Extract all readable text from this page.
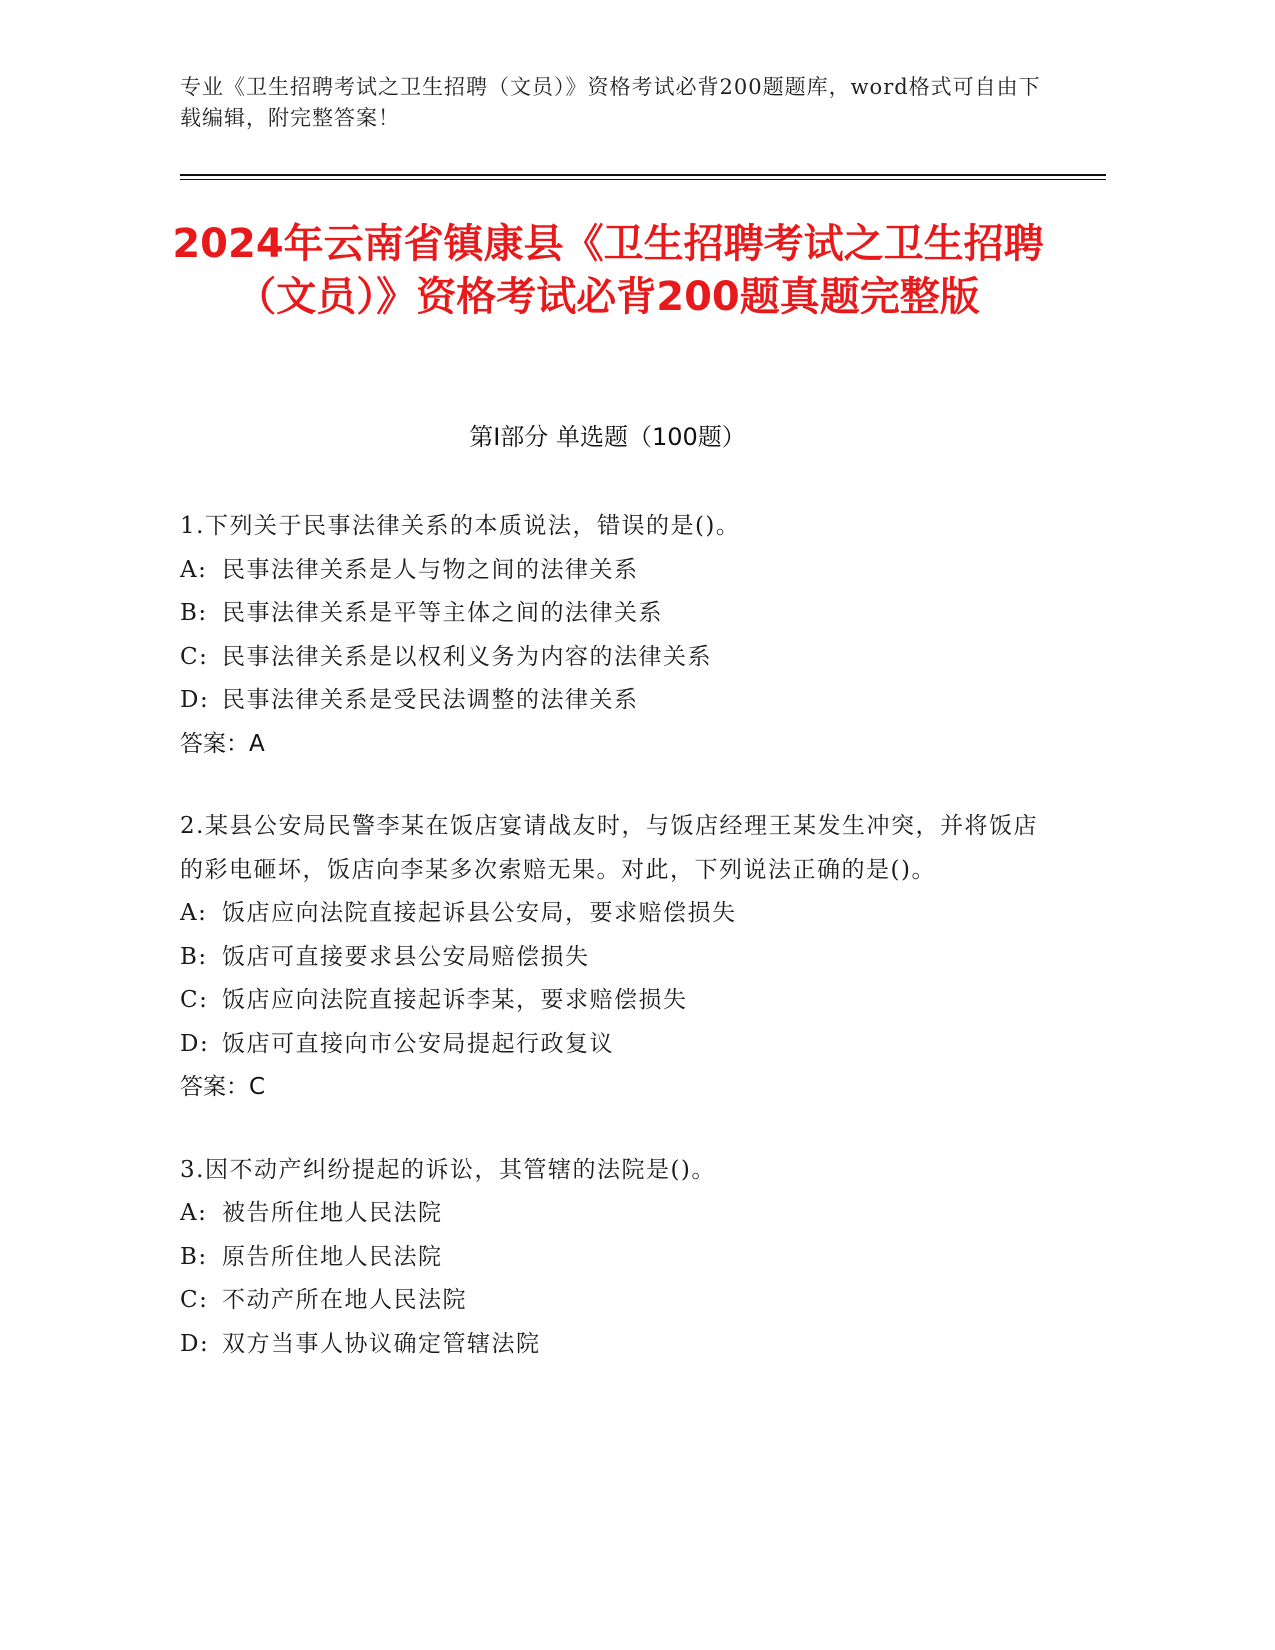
专业《卫生招聘考试之卫生招聘（文员）》资格考试必背200题题库，word格式可自由下载编辑，附完整答案！
2024年云南省镇康县《卫生招聘考试之卫生招聘（文员）》资格考试必背200题真题完整版
第Ⅰ部分 单选题（100题）

1.下列关于民事法律关系的本质说法，错误的是()。

A: 民事法律关系是人与物之间的法律关系

B: 民事法律关系是平等主体之间的法律关系

C: 民事法律关系是以权利义务为内容的法律关系

D: 民事法律关系是受民法调整的法律关系

答案：A

2.某县公安局民警李某在饭店宴请战友时，与饭店经理王某发生冲突，并将饭店的彩电砸坏，饭店向李某多次索赔无果。对此，下列说法正确的是()。

A: 饭店应向法院直接起诉县公安局，要求赔偿损失

B: 饭店可直接要求县公安局赔偿损失

C: 饭店应向法院直接起诉李某，要求赔偿损失

D: 饭店可直接向市公安局提起行政复议

答案：C

3.因不动产纠纷提起的诉讼，其管辖的法院是()。

A: 被告所住地人民法院

B: 原告所住地人民法院

C: 不动产所在地人民法院

D: 双方当事人协议确定管辖法院
